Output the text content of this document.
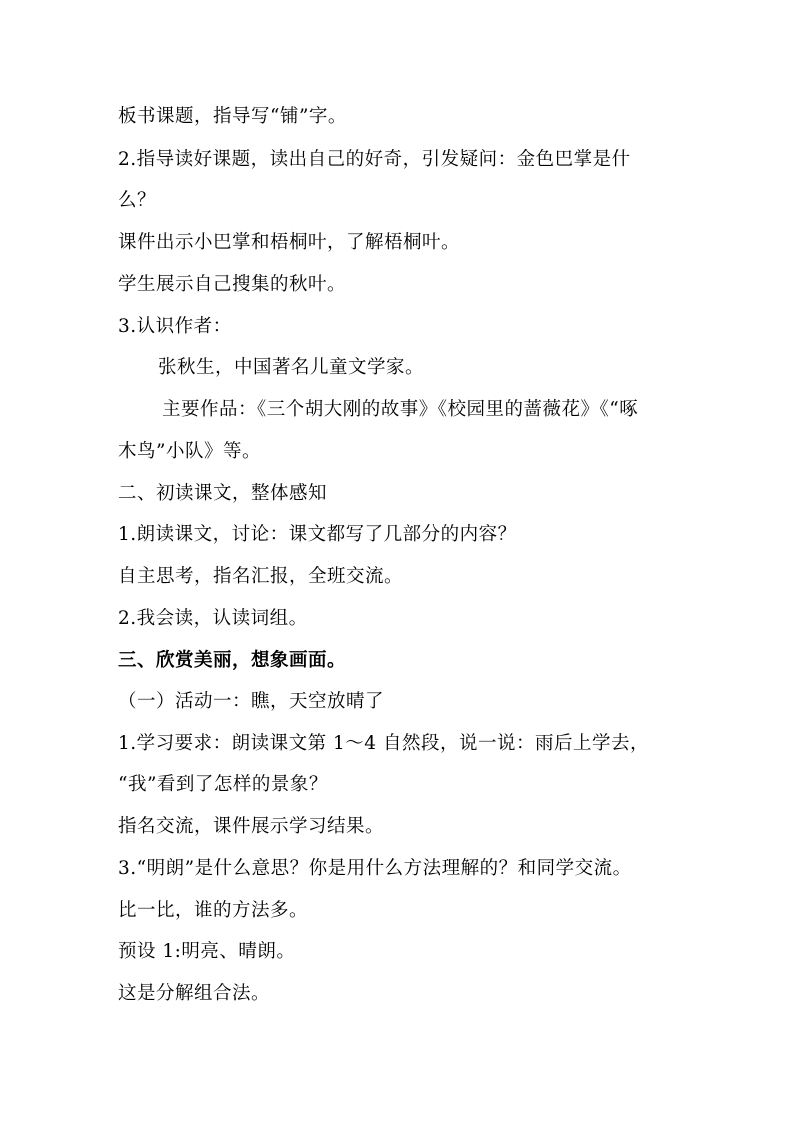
板书课题，指导写“铺”字。
2.指导读好课题，读出自己的好奇，引发疑问：金色巴掌是什
么？
课件出示小巴掌和梧桐叶，了解梧桐叶。
学生展示自己搜集的秋叶。
3.认识作者：
张秋生，中国著名儿童文学家。
主要作品：《三个胡大刚的故事》《校园里的蔷薇花》《“啄
木鸟”小队》等。
二、初读课文，整体感知
1.朗读课文，讨论：课文都写了几部分的内容？
自主思考，指名汇报，全班交流。
2.我会读，认读词组。
三、欣赏美丽，想象画面。
（一）活动一：瞧，天空放晴了
1.学习要求：朗读课文第 1～4 自然段，说一说：雨后上学去，
“我”看到了怎样的景象？
指名交流，课件展示学习结果。
3.“明朗”是什么意思？你是用什么方法理解的？和同学交流。
比一比，谁的方法多。
预设 1:明亮、晴朗。
这是分解组合法。
